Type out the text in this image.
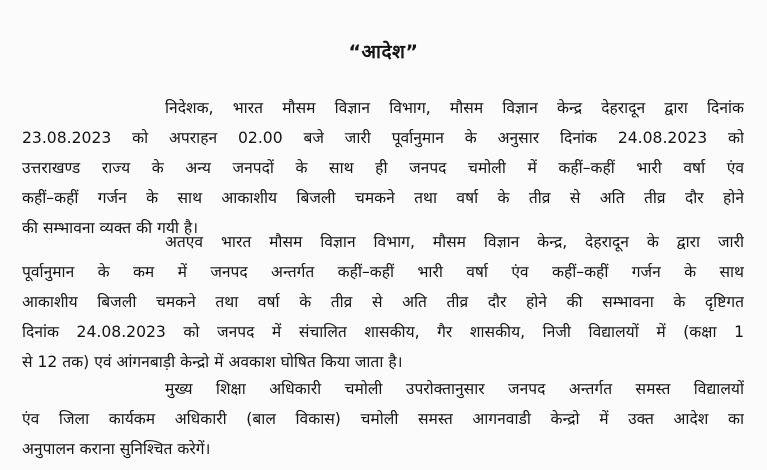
“आदेश”
निदेशक, भारत मौसम विज्ञान विभाग, मौसम विज्ञान केन्द्र देहरादून द्वारा दिनांक
23.08.2023 को अपराहन 02.00 बजे जारी पूर्वानुमान के अनुसार दिनांक 24.08.2023 को
उत्तराखण्ड राज्य के अन्य जनपदों के साथ ही जनपद चमोली में कहीं–कहीं भारी वर्षा एंव
कहीं–कहीं गर्जन के साथ आकाशीय बिजली चमकने तथा वर्षा के तीव्र से अति तीव्र दौर होने
की सम्भावना व्यक्त की गयी है।
अतएव भारत मौसम विज्ञान विभाग, मौसम विज्ञान केन्द्र, देहरादून के द्वारा जारी
पूर्वानुमान के कम में जनपद अन्तर्गत कहीं–कहीं भारी वर्षा एंव कहीं–कहीं गर्जन के साथ
आकाशीय बिजली चमकने तथा वर्षा के तीव्र से अति तीव्र दौर होने की सम्भावना के दृष्टिगत
दिनांक 24.08.2023 को जनपद में संचालित शासकीय, गैर शासकीय, निजी विद्यालयों में (कक्षा 1
से 12 तक) एवं आंगनबाड़ी केन्द्रो में अवकाश घोषित किया जाता है।
मुख्य शिक्षा अधिकारी चमोली उपरोक्तानुसार जनपद अन्तर्गत समस्त विद्यालयों
एंव जिला कार्यकम अधिकारी (बाल विकास) चमोली समस्त आगनवाडी केन्द्रो में उक्त आदेश का
अनुपालन कराना सुनिश्चित करेगें।
